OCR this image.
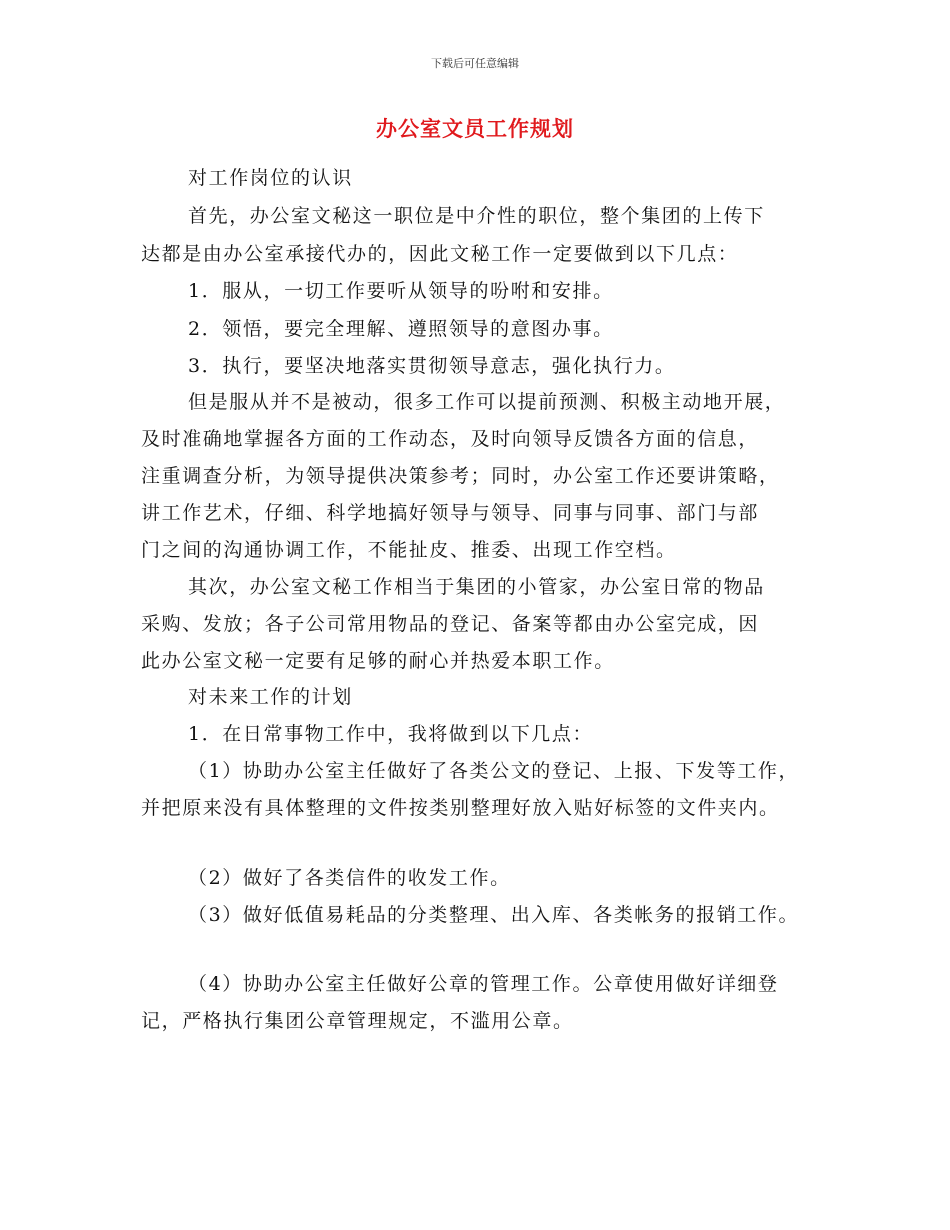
下载后可任意编辑
办公室文员工作规划
对工作岗位的认识
首先，办公室文秘这一职位是中介性的职位，整个集团的上传下
达都是由办公室承接代办的，因此文秘工作一定要做到以下几点：
1．服从，一切工作要听从领导的吩咐和安排。
2．领悟，要完全理解、遵照领导的意图办事。
3．执行，要坚决地落实贯彻领导意志，强化执行力。
但是服从并不是被动，很多工作可以提前预测、积极主动地开展，
及时准确地掌握各方面的工作动态，及时向领导反馈各方面的信息，
注重调查分析，为领导提供决策参考；同时，办公室工作还要讲策略，
讲工作艺术，仔细、科学地搞好领导与领导、同事与同事、部门与部
门之间的沟通协调工作，不能扯皮、推委、出现工作空档。
其次，办公室文秘工作相当于集团的小管家，办公室日常的物品
采购、发放；各子公司常用物品的登记、备案等都由办公室完成，因
此办公室文秘一定要有足够的耐心并热爱本职工作。
对未来工作的计划
1．在日常事物工作中，我将做到以下几点：
（1）协助办公室主任做好了各类公文的登记、上报、下发等工作，
并把原来没有具体整理的文件按类别整理好放入贴好标签的文件夹内。
（2）做好了各类信件的收发工作。
（3）做好低值易耗品的分类整理、出入库、各类帐务的报销工作。
（4）协助办公室主任做好公章的管理工作。公章使用做好详细登
记，严格执行集团公章管理规定，不滥用公章。
